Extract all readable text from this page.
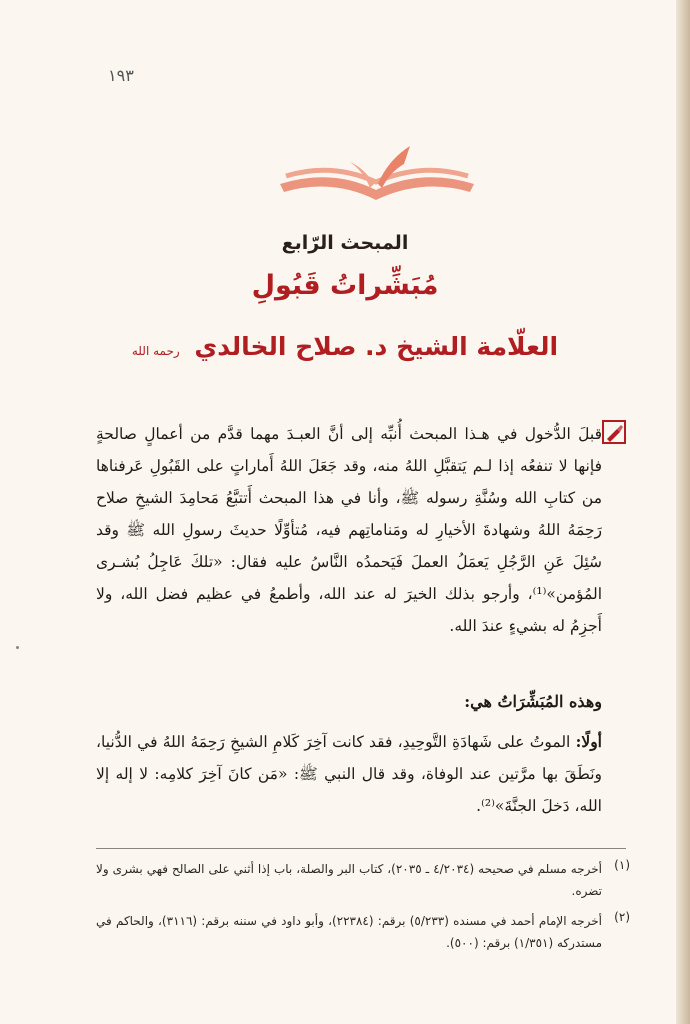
١٩٣
المبحث الرّابع
مُبَشِّراتُ قَبُولِ
العلّامة الشيخ د. صلاح الخالدي رحمه الله
قبلَ الدُّخول في هـذا المبحث أُنبِّه إلى أنَّ العبـدَ مهما قدَّم من أعمالٍ صالحةٍ فإنها لا تنفعُه إذا لـم يَتقبَّلِ اللهُ منه، وقد جَعَلَ اللهُ أَماراتٍ على القَبُولِ عَرفناها من كتابِ الله وسُنَّةِ رسوله ﷺ، وأنا في هذا المبحث أَتتبَّعُ مَحامِدَ الشيخِ صلاح رَحِمَهُ اللهُ وشهادةَ الأخيارِ له ومَناماتِهم فيه، مُتأوِّلًا حديثَ رسولِ الله ﷺ وقد سُئِلَ عَنِ الرَّجُلِ يَعمَلُ العملَ فَيَحمدُه النَّاسُ عليه فقال: «تلكَ عَاجِلُ بُشـرى المُؤمن»⁽¹⁾، وأرجو بذلك الخيرَ له عند الله، وأطمعُ في عظيم فضل الله، ولا أَجزِمُ له بشيءٍ عندَ الله.
وهذه المُبَشِّرَاتُ هي:
أولًا: الموتُ على شَهادَةِ التَّوحِيدِ، فقد كانت آخِرَ كَلامِ الشيخِ رَحِمَهُ اللهُ في الدُّنيا، ونَطَقَ بها مرَّتين عند الوفاة، وقد قال النبي ﷺ: «مَن كانَ آخِرَ كلامِه: لا إله إلا الله، دَخلَ الجنَّةَ»⁽²⁾.
(١)
أخرجه مسلم في صحيحه (٤/٢٠٣٤ ـ ٢٠٣٥)، كتاب البر والصلة، باب إذا أثني على الصالح فهي بشرى ولا تضره.
(٢)
أخرجه الإمام أحمد في مسنده (٥/٢٣٣) برقم: (٢٢٣٨٤)، وأبو داود في سننه برقم: (٣١١٦)، والحاكم في مستدركه (١/٣٥١) برقم: (٥٠٠).
